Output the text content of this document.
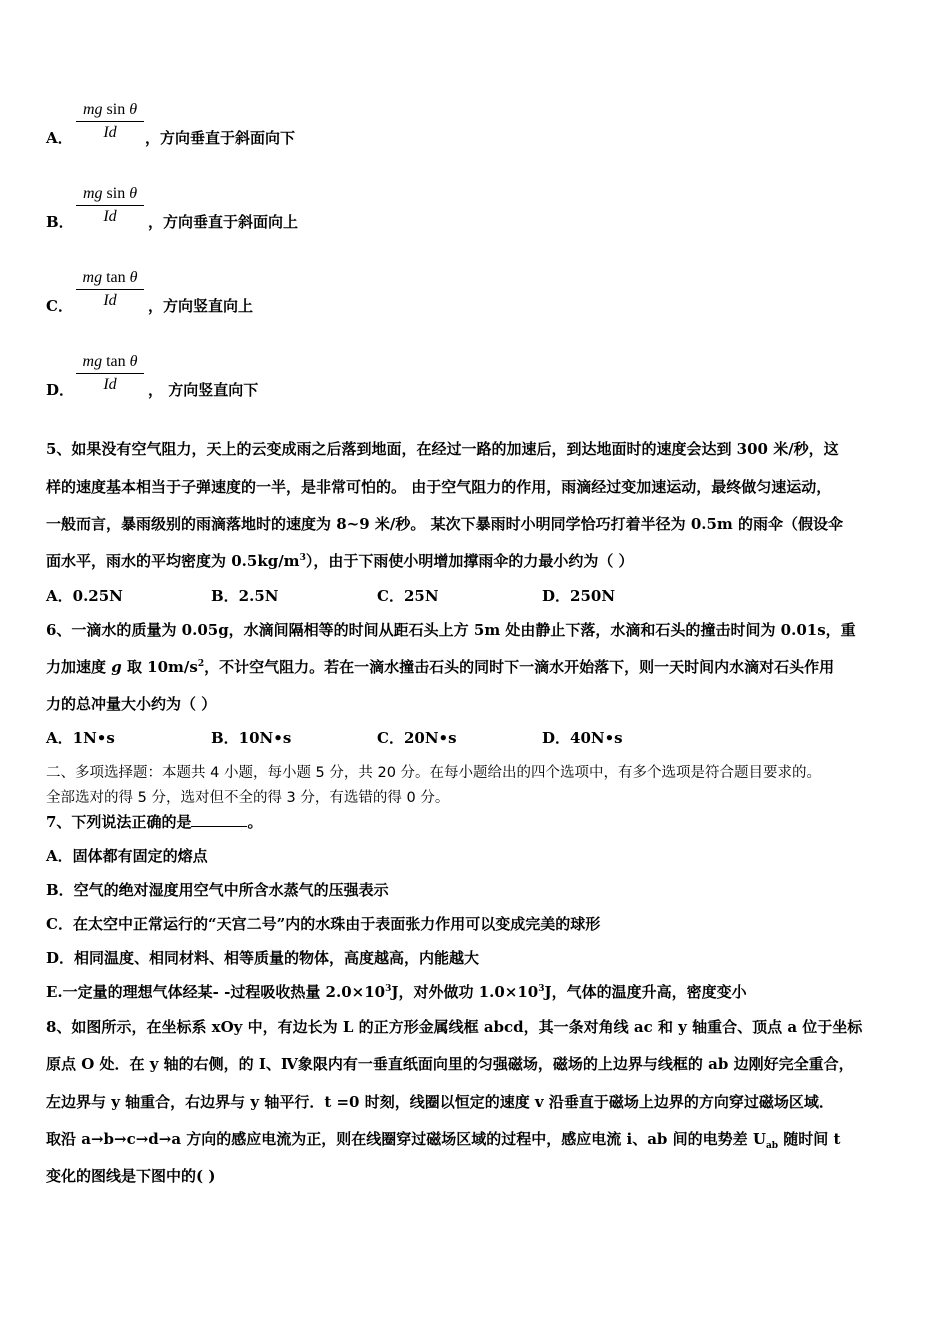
$\frac{\text{mg sin θ}}{Id}$
A．	，方向垂直于斜面向下
$\frac{\text{mg sin θ}}{Id}$
B．	，方向垂直于斜面向上
$\frac{\text{mg tan θ}}{Id}$
C．	，方向竖直向上
$\frac{\text{mg tan θ}}{Id}$
D．	， 方向竖直向下
5、如果没有空气阻力，天上的云变成雨之后落到地面，在经过一路的加速后，到达地面时的速度会达到 300 米/秒，这
样的速度基本相当于子弹速度的一半，是非常可怕的。 由于空气阻力的作用，雨滴经过变加速运动，最终做匀速运动，
一般而言，暴雨级别的雨滴落地时的速度为 8~9 米/秒。 某次下暴雨时小明同学恰巧打着半径为 0.5m 的雨伞（假设伞
面水平，雨水的平均密度为 $0.5kg/m^3$），由于下雨使小明增加撑雨伞的力最小约为（ ）
A．0.25N	B．2.5N	C．25N	D．250N
6、一滴水的质量为 0.05g，水滴间隔相等的时间从距石头上方 5m 处由静止下落，水滴和石头的撞击时间为 0.01s，重
力加速度 g 取 $10m/s^2$，不计空气阻力。若在一滴水撞击石头的同时下一滴水开始落下，则一天时间内水滴对石头作用
力的总冲量大小约为（ ）
A．1N•s	B．10N•s	C．20N•s	D．40N•s
二、多项选择题：本题共 4 小题，每小题 5 分，共 20 分。在每小题给出的四个选项中，有多个选项是符合题目要求的。
全部选对的得 5 分，选对但不全的得 3 分，有选错的得 0 分。
7、下列说法正确的是	。
A．固体都有固定的熔点
B．空气的绝对湿度用空气中所含水蒸气的压强表示
C．在太空中正常运行的“天宫二号”内的水珠由于表面张力作用可以变成完美的球形
D．相同温度、相同材料、相等质量的物体，高度越高，内能越大
E.一定量的理想气体经某- -过程吸收热量 $2.0\times 10^3J$，对外做功 $1.0\times 10^3J$，气体的温度升高，密度变小
8、如图所示，在坐标系 xOy 中，有边长为 L 的正方形金属线框 abcd，其一条对角线 ac 和 y 轴重合、顶点 a 位于坐标
原点 O 处．在 y 轴的右侧，的 I、Ⅳ象限内有一垂直纸面向里的匀强磁场，磁场的上边界与线框的 ab 边刚好完全重合，
左边界与 y 轴重合，右边界与 y 轴平行．t =0 时刻，线圈以恒定的速度 v 沿垂直于磁场上边界的方向穿过磁场区域．
取沿 a→b→c→d→a 方向的感应电流为正，则在线圈穿过磁场区域的过程中，感应电流 i、ab 间的电势差 $U_{ab}$ 随时间 t
变化的图线是下图中的( )
